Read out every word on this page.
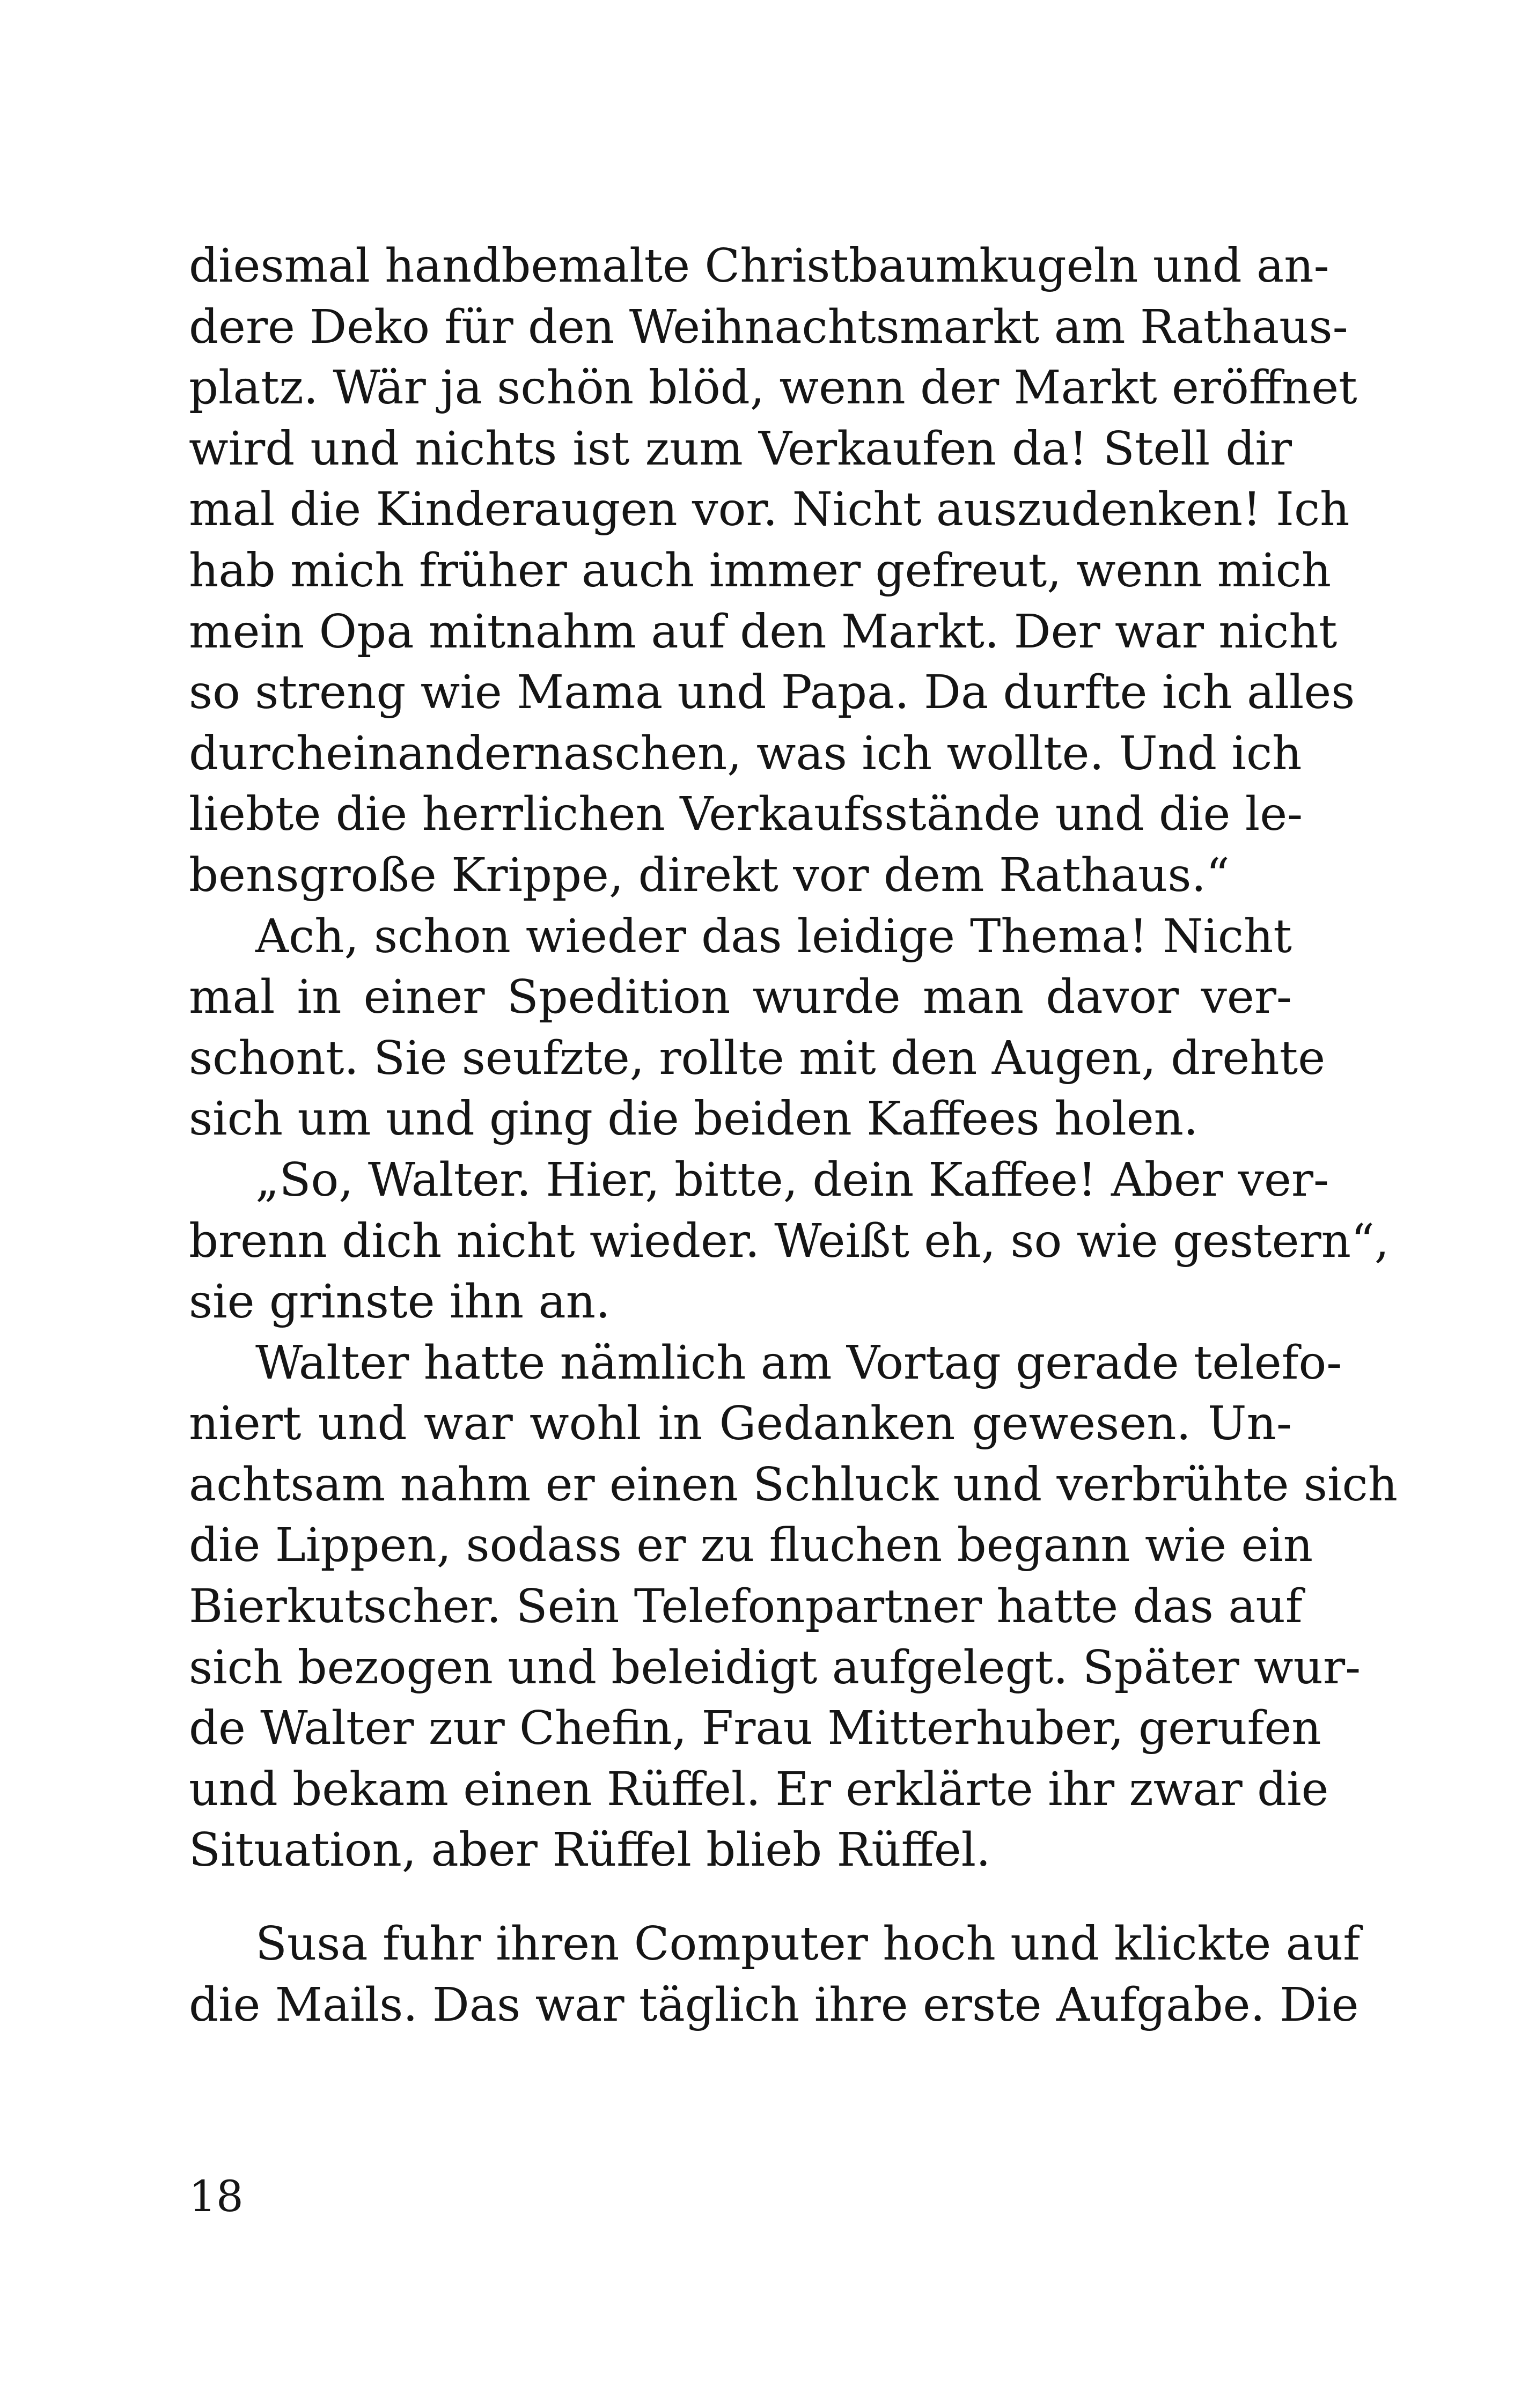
diesmal handbemalte Christbaumkugeln und an-
dere Deko für den Weihnachtsmarkt am Rathaus-
platz. Wär ja schön blöd, wenn der Markt eröffnet
wird und nichts ist zum Verkaufen da! Stell dir
mal die Kinderaugen vor. Nicht auszudenken! Ich
hab mich früher auch immer gefreut, wenn mich
mein Opa mitnahm auf den Markt. Der war nicht
so streng wie Mama und Papa. Da durfte ich alles
durcheinandernaschen, was ich wollte. Und ich
liebte die herrlichen Verkaufsstände und die le-
bensgroße Krippe, direkt vor dem Rathaus.“

Ach, schon wieder das leidige Thema! Nicht
mal in einer Spedition wurde man davor ver-
schont. Sie seufzte, rollte mit den Augen, drehte
sich um und ging die beiden Kaffees holen.

„So, Walter. Hier, bitte, dein Kaffee! Aber ver-
brenn dich nicht wieder. Weißt eh, so wie gestern“,
sie grinste ihn an.

Walter hatte nämlich am Vortag gerade telefo-
niert und war wohl in Gedanken gewesen. Un-
achtsam nahm er einen Schluck und verbrühte sich
die Lippen, sodass er zu fluchen begann wie ein
Bierkutscher. Sein Telefonpartner hatte das auf
sich bezogen und beleidigt aufgelegt. Später wur-
de Walter zur Chefin, Frau Mitterhuber, gerufen
und bekam einen Rüffel. Er erklärte ihr zwar die
Situation, aber Rüffel blieb Rüffel.

Susa fuhr ihren Computer hoch und klickte auf
die Mails. Das war täglich ihre erste Aufgabe. Die

18
